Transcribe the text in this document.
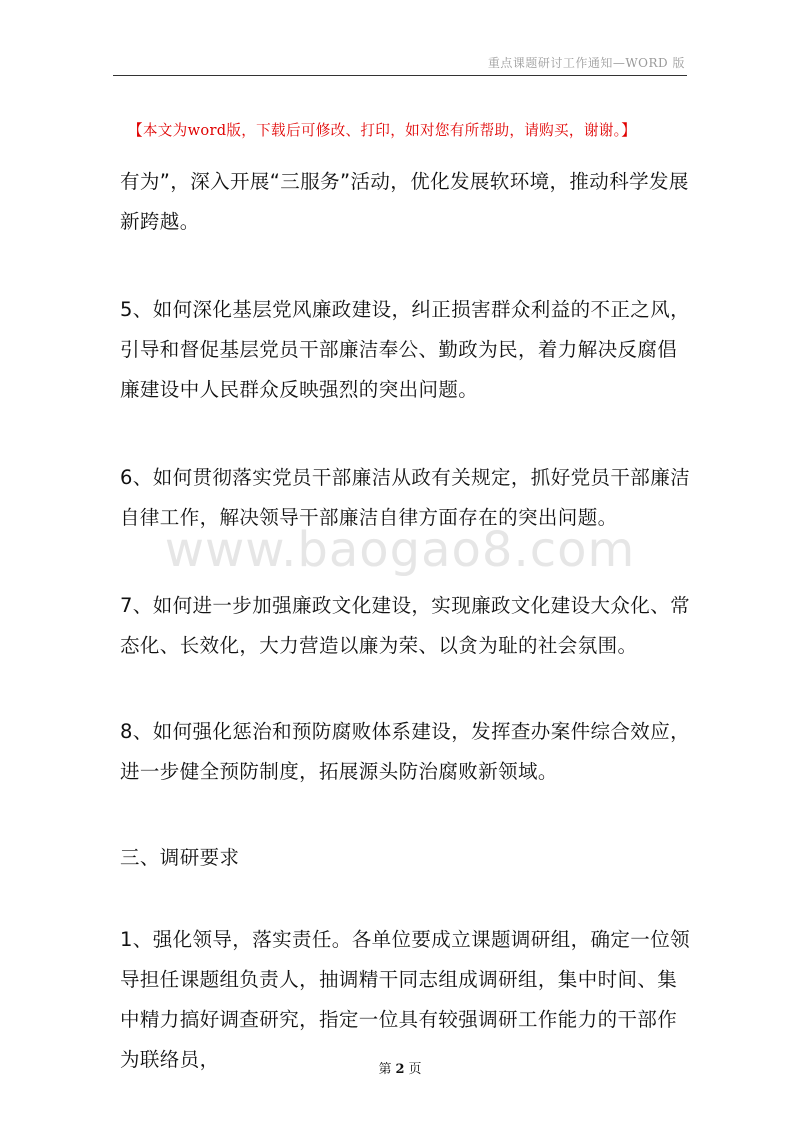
重点课题研讨工作通知—WORD 版
【本文为word版，下载后可修改、打印，如对您有所帮助，请购买，谢谢。】
有为”，深入开展“三服务”活动，优化发展软环境，推动科学发展新跨越。
5、如何深化基层党风廉政建设，纠正损害群众利益的不正之风，引导和督促基层党员干部廉洁奉公、勤政为民，着力解决反腐倡廉建设中人民群众反映强烈的突出问题。
6、如何贯彻落实党员干部廉洁从政有关规定，抓好党员干部廉洁自律工作，解决领导干部廉洁自律方面存在的突出问题。
7、如何进一步加强廉政文化建设，实现廉政文化建设大众化、常态化、长效化，大力营造以廉为荣、以贪为耻的社会氛围。
8、如何强化惩治和预防腐败体系建设，发挥查办案件综合效应，进一步健全预防制度，拓展源头防治腐败新领域。
三、调研要求
1、强化领导，落实责任。各单位要成立课题调研组，确定一位领导担任课题组负责人，抽调精干同志组成调研组，集中时间、集中精力搞好调查研究，指定一位具有较强调研工作能力的干部作为联络员，
www.baogao8.com
第 2 页
